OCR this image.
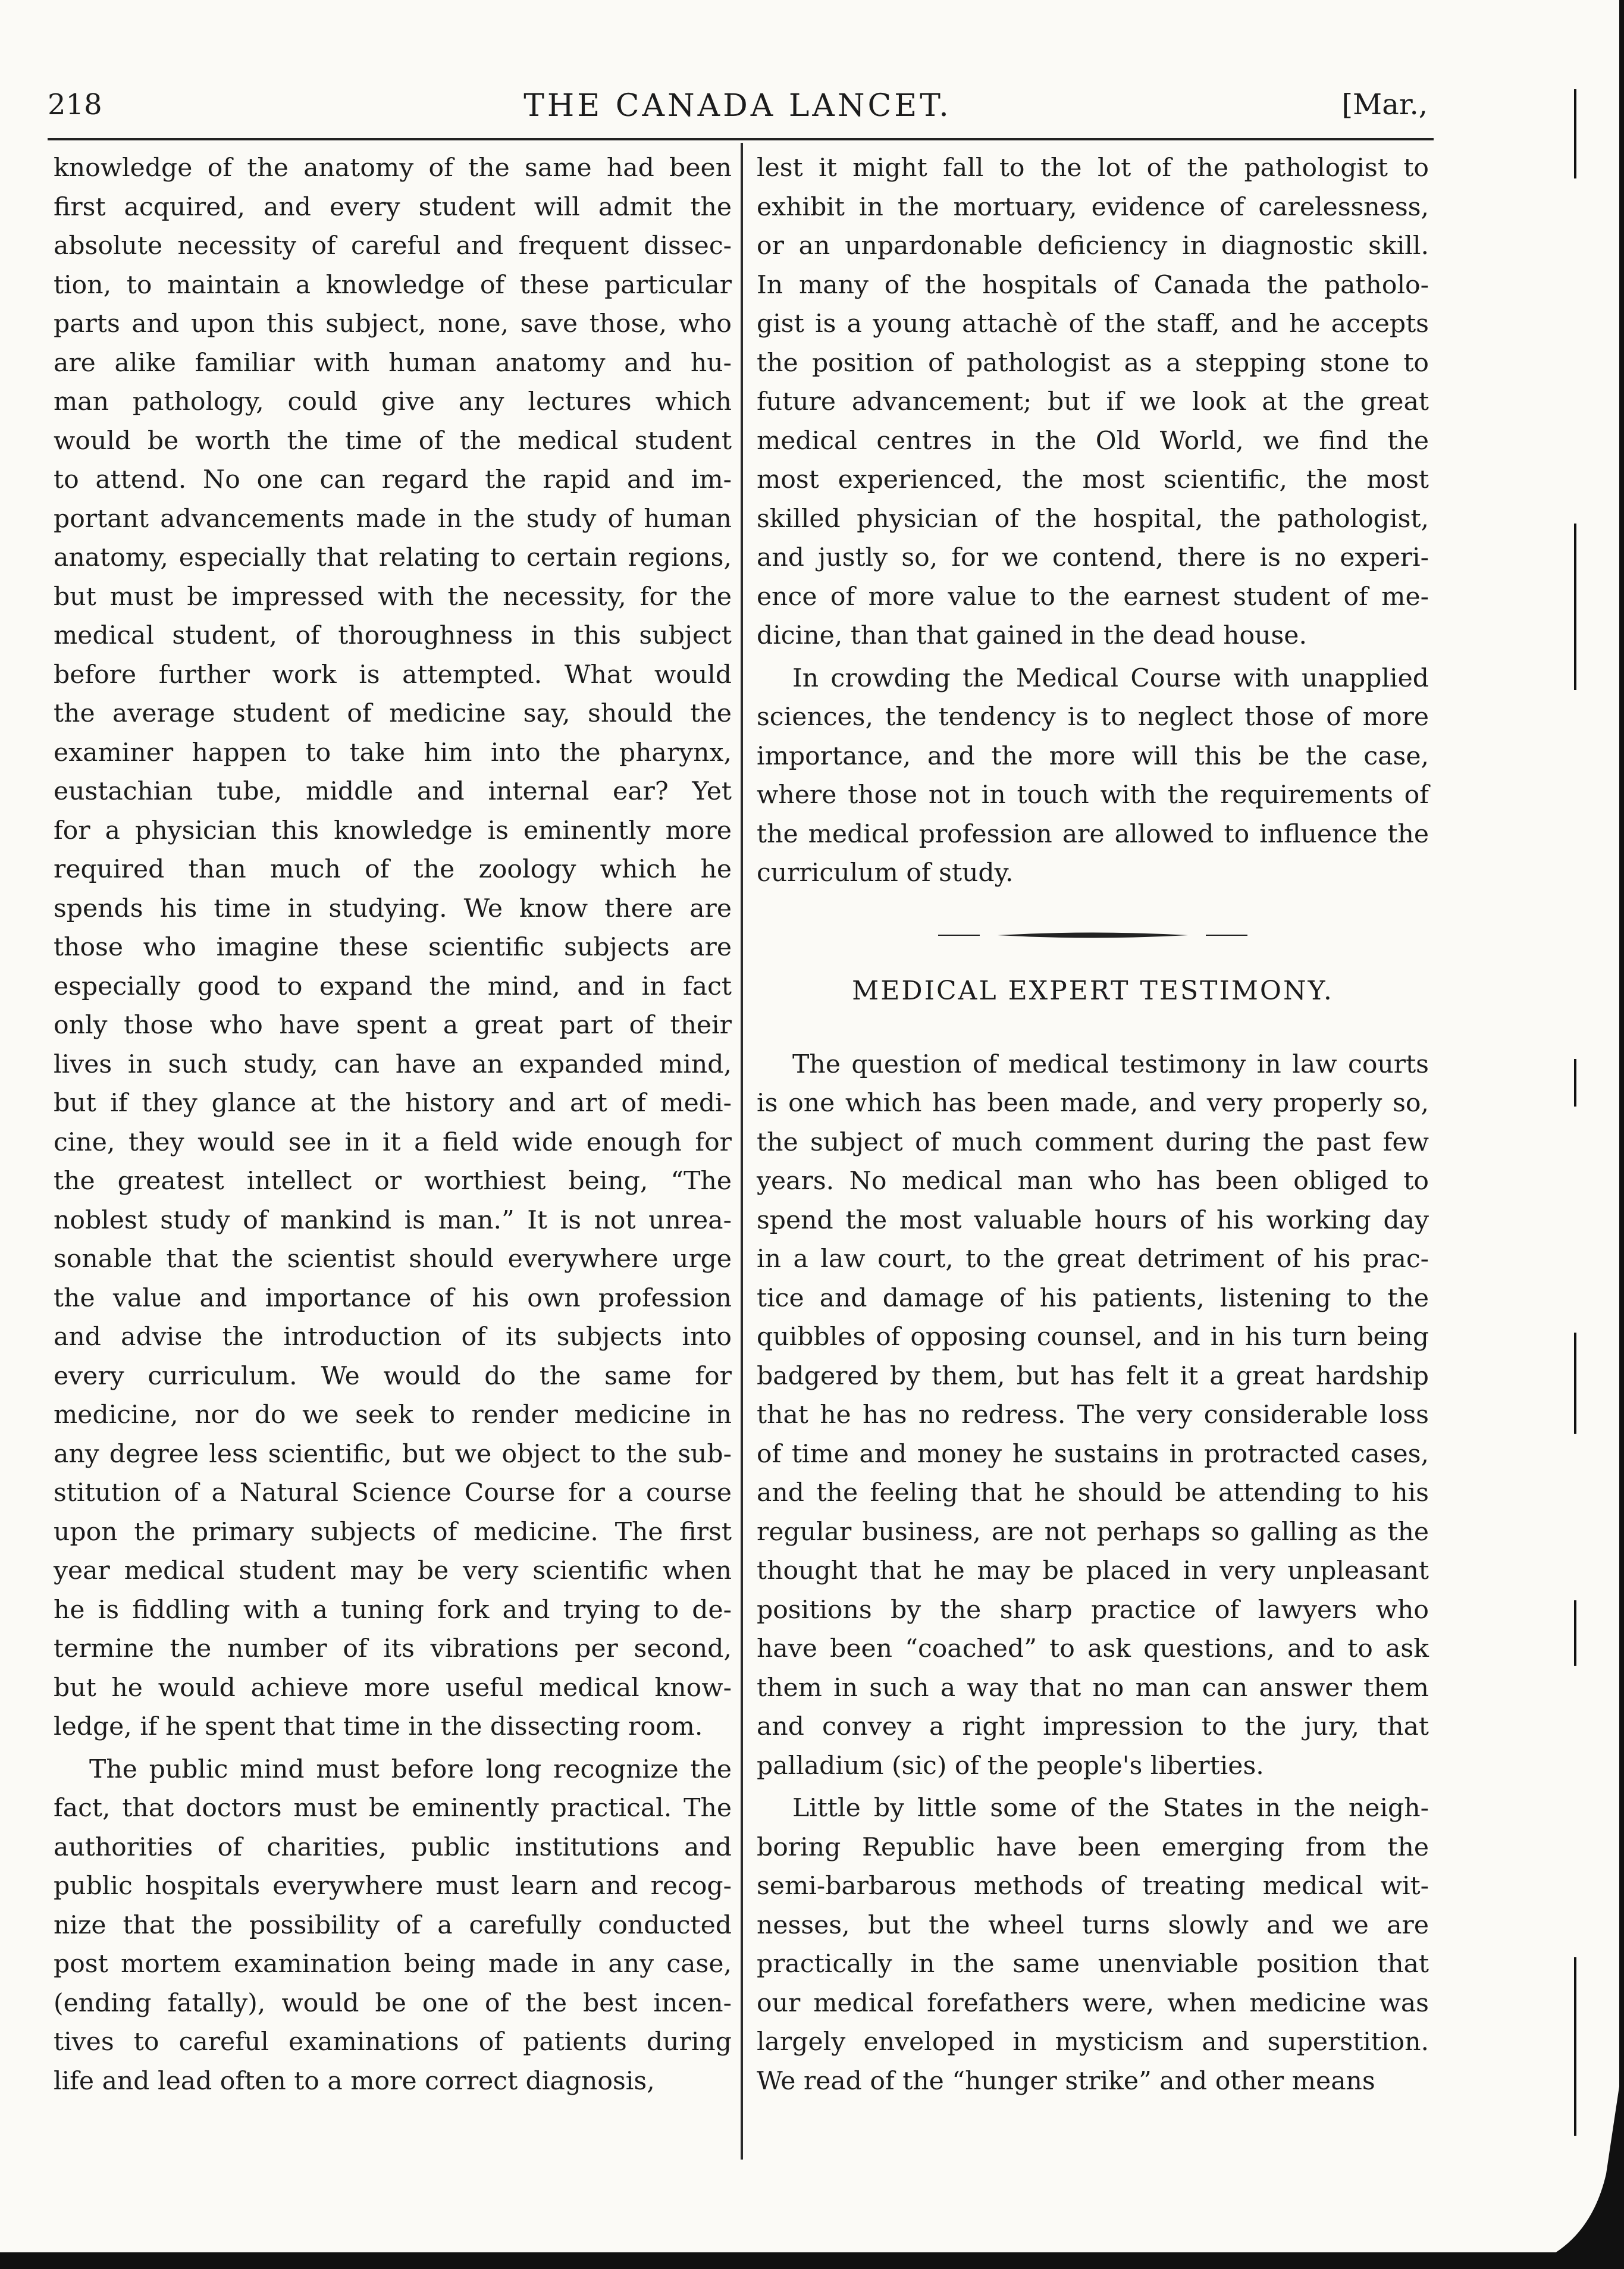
218	THE CANADA LANCET.	[Mar.,
knowledge of the anatomy of the same had been
first acquired, and every student will admit the
absolute necessity of careful and frequent dissec-
tion, to maintain a knowledge of these particular
parts and upon this subject, none, save those, who
are alike familiar with human anatomy and hu-
man pathology, could give any lectures which
would be worth the time of the medical student
to attend. No one can regard the rapid and im-
portant advancements made in the study of human
anatomy, especially that relating to certain regions,
but must be impressed with the necessity, for the
medical student, of thoroughness in this subject
before further work is attempted. What would
the average student of medicine say, should the
examiner happen to take him into the pharynx,
eustachian tube, middle and internal ear? Yet
for a physician this knowledge is eminently more
required than much of the zoology which he
spends his time in studying. We know there are
those who imagine these scientific subjects are
especially good to expand the mind, and in fact
only those who have spent a great part of their
lives in such study, can have an expanded mind,
but if they glance at the history and art of medi-
cine, they would see in it a field wide enough for
the greatest intellect or worthiest being, “The
noblest study of mankind is man.” It is not unrea-
sonable that the scientist should everywhere urge
the value and importance of his own profession
and advise the introduction of its subjects into
every curriculum. We would do the same for
medicine, nor do we seek to render medicine in
any degree less scientific, but we object to the sub-
stitution of a Natural Science Course for a course
upon the primary subjects of medicine. The first
year medical student may be very scientific when
he is fiddling with a tuning fork and trying to de-
termine the number of its vibrations per second,
but he would achieve more useful medical know-
ledge, if he spent that time in the dissecting room.
The public mind must before long recognize the
fact, that doctors must be eminently practical. The
authorities of charities, public institutions and
public hospitals everywhere must learn and recog-
nize that the possibility of a carefully conducted
post mortem examination being made in any case,
(ending fatally), would be one of the best incen-
tives to careful examinations of patients during
life and lead often to a more correct diagnosis,
lest it might fall to the lot of the pathologist to
exhibit in the mortuary, evidence of carelessness,
or an unpardonable deficiency in diagnostic skill.
In many of the hospitals of Canada the patholo-
gist is a young attachè of the staff, and he accepts
the position of pathologist as a stepping stone to
future advancement; but if we look at the great
medical centres in the Old World, we find the
most experienced, the most scientific, the most
skilled physician of the hospital, the pathologist,
and justly so, for we contend, there is no experi-
ence of more value to the earnest student of me-
dicine, than that gained in the dead house.
In crowding the Medical Course with unapplied
sciences, the tendency is to neglect those of more
importance, and the more will this be the case,
where those not in touch with the requirements of
the medical profession are allowed to influence the
curriculum of study.
MEDICAL EXPERT TESTIMONY.
The question of medical testimony in law courts
is one which has been made, and very properly so,
the subject of much comment during the past few
years. No medical man who has been obliged to
spend the most valuable hours of his working day
in a law court, to the great detriment of his prac-
tice and damage of his patients, listening to the
quibbles of opposing counsel, and in his turn being
badgered by them, but has felt it a great hardship
that he has no redress. The very considerable loss
of time and money he sustains in protracted cases,
and the feeling that he should be attending to his
regular business, are not perhaps so galling as the
thought that he may be placed in very unpleasant
positions by the sharp practice of lawyers who
have been “coached” to ask questions, and to ask
them in such a way that no man can answer them
and convey a right impression to the jury, that
palladium (sic) of the people's liberties.
Little by little some of the States in the neigh-
boring Republic have been emerging from the
semi-barbarous methods of treating medical wit-
nesses, but the wheel turns slowly and we are
practically in the same unenviable position that
our medical forefathers were, when medicine was
largely enveloped in mysticism and superstition.
We read of the “hunger strike” and other means
